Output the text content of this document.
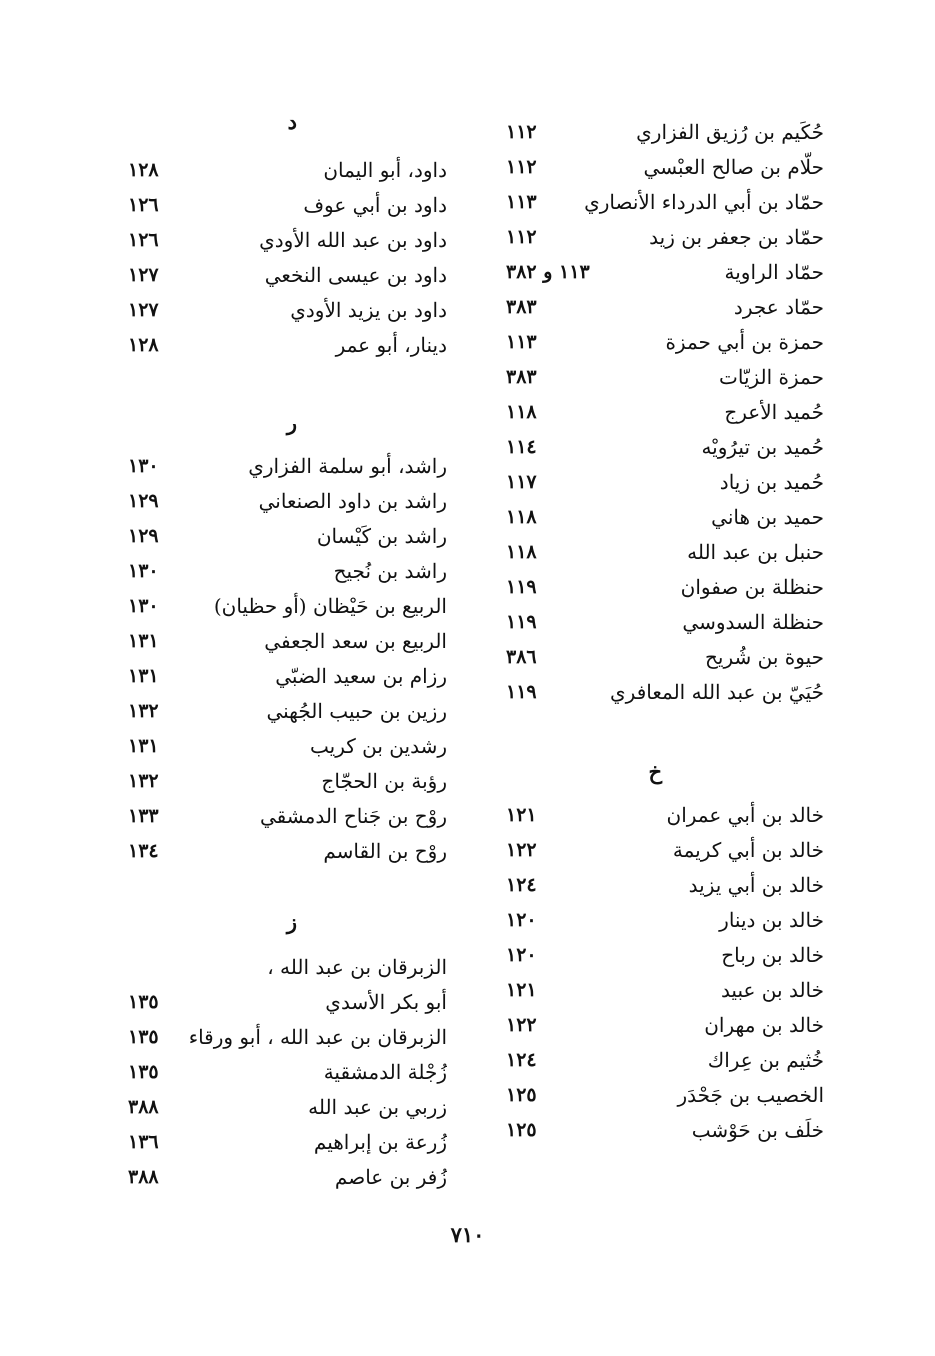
حُكَيم بن رُزيق الفزاري
١١٢
حلّام بن صالح العبْسي
١١٢
حمّاد بن أبي الدرداء الأنصاري
١١٣
حمّاد بن جعفر بن زيد
١١٢
حمّاد الراوية
١١٣ و ٣٨٢
حمّاد عجرد
٣٨٣
حمزة بن أبي حمزة
١١٣
حمزة الزيّات
٣٨٣
حُميد الأعرج
١١٨
حُميد بن تيرُويْه
١١٤
حُميد بن زياد
١١٧
حميد بن هاني
١١٨
حنبل بن عبد الله
١١٨
حنظلة بن صفوان
١١٩
حنظلة السدوسي
١١٩
حيوة بن شُريح
٣٨٦
حُيَيّ بن عبد الله المعافري
١١٩
خ
خالد بن أبي عمران
١٢١
خالد بن أبي كريمة
١٢٢
خالد بن أبي يزيد
١٢٤
خالد بن دينار
١٢٠
خالد بن رباح
١٢٠
خالد بن عبيد
١٢١
خالد بن مهران
١٢٢
خُثيم بن عِراك
١٢٤
الخصيب بن جَحْدَر
١٢٥
خلَف بن حَوْشب
١٢٥
د
داود، أبو اليمان
١٢٨
داود بن أبي عوف
١٢٦
داود بن عبد الله الأودي
١٢٦
داود بن عيسى النخعي
١٢٧
داود بن يزيد الأودي
١٢٧
دينار، أبو عمر
١٢٨
ر
راشد، أبو سلمة الفزاري
١٣٠
راشد بن داود الصنعاني
١٢٩
راشد بن كَيْسان
١٢٩
راشد بن نُجيح
١٣٠
الربيع بن حَيْظان (أو حظيان)
١٣٠
الربيع بن سعد الجعفي
١٣١
رزام بن سعيد الضبّي
١٣١
رزين بن حبيب الجُهني
١٣٢
رشدين بن كريب
١٣١
رؤبة بن الحجّاج
١٣٢
روْح بن جَناح الدمشقي
١٣٣
روْح بن القاسم
١٣٤
ز
الزبرقان بن عبد الله ،
أبو بكر الأسدي
١٣٥
الزبرقان بن عبد الله ، أبو ورقاء
١٣٥
زُجْلة الدمشقية
١٣٥
زربي بن عبد الله
٣٨٨
زُرعة بن إبراهيم
١٣٦
زُفر بن عاصم
٣٨٨
٧١٠
